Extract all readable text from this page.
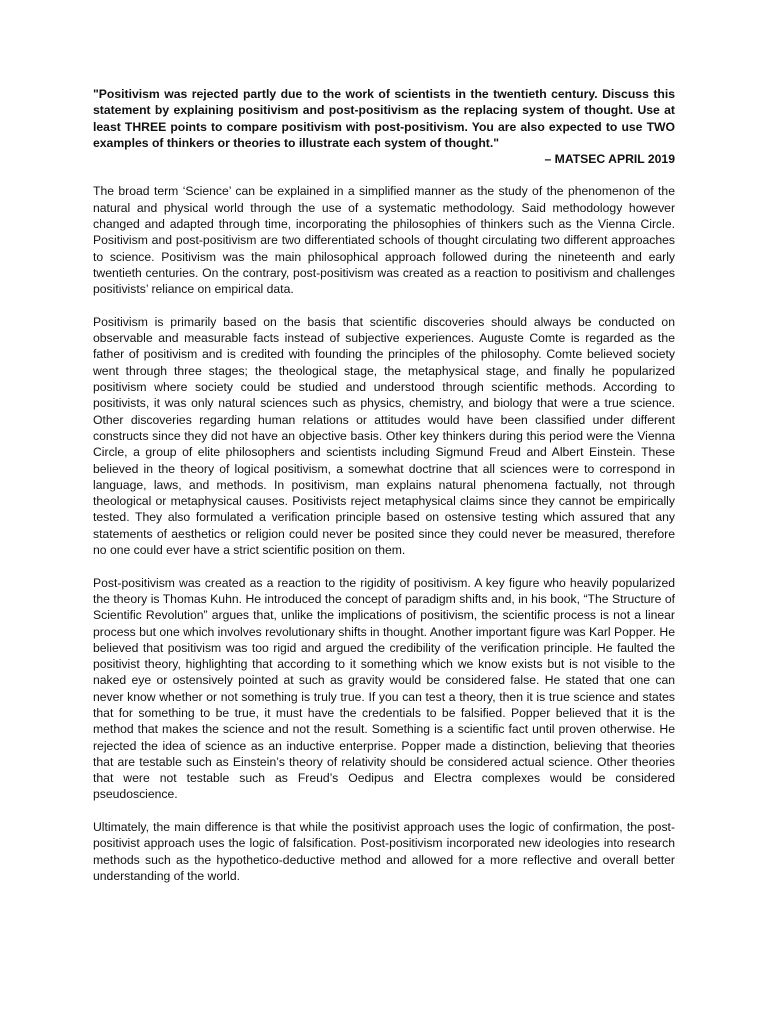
"Positivism was rejected partly due to the work of scientists in the twentieth century. Discuss this statement by explaining positivism and post-positivism as the replacing system of thought. Use at least THREE points to compare positivism with post-positivism. You are also expected to use TWO examples of thinkers or theories to illustrate each system of thought."

– MATSEC APRIL 2019

The broad term ‘Science’ can be explained in a simplified manner as the study of the phenomenon of the natural and physical world through the use of a systematic methodology. Said methodology however changed and adapted through time, incorporating the philosophies of thinkers such as the Vienna Circle. Positivism and post-positivism are two differentiated schools of thought circulating two different approaches to science. Positivism was the main philosophical approach followed during the nineteenth and early twentieth centuries. On the contrary, post-positivism was created as a reaction to positivism and challenges positivists’ reliance on empirical data.

Positivism is primarily based on the basis that scientific discoveries should always be conducted on observable and measurable facts instead of subjective experiences. Auguste Comte is regarded as the father of positivism and is credited with founding the principles of the philosophy. Comte believed society went through three stages; the theological stage, the metaphysical stage, and finally he popularized positivism where society could be studied and understood through scientific methods. According to positivists, it was only natural sciences such as physics, chemistry, and biology that were a true science. Other discoveries regarding human relations or attitudes would have been classified under different constructs since they did not have an objective basis. Other key thinkers during this period were the Vienna Circle, a group of elite philosophers and scientists including Sigmund Freud and Albert Einstein. These believed in the theory of logical positivism, a somewhat doctrine that all sciences were to correspond in language, laws, and methods. In positivism, man explains natural phenomena factually, not through theological or metaphysical causes. Positivists reject metaphysical claims since they cannot be empirically tested. They also formulated a verification principle based on ostensive testing which assured that any statements of aesthetics or religion could never be posited since they could never be measured, therefore no one could ever have a strict scientific position on them.

Post-positivism was created as a reaction to the rigidity of positivism. A key figure who heavily popularized the theory is Thomas Kuhn. He introduced the concept of paradigm shifts and, in his book, “The Structure of Scientific Revolution” argues that, unlike the implications of positivism, the scientific process is not a linear process but one which involves revolutionary shifts in thought. Another important figure was Karl Popper. He believed that positivism was too rigid and argued the credibility of the verification principle. He faulted the positivist theory, highlighting that according to it something which we know exists but is not visible to the naked eye or ostensively pointed at such as gravity would be considered false. He stated that one can never know whether or not something is truly true. If you can test a theory, then it is true science and states that for something to be true, it must have the credentials to be falsified. Popper believed that it is the method that makes the science and not the result. Something is a scientific fact until proven otherwise. He rejected the idea of science as an inductive enterprise. Popper made a distinction, believing that theories that are testable such as Einstein’s theory of relativity should be considered actual science. Other theories that were not testable such as Freud’s Oedipus and Electra complexes would be considered pseudoscience.

Ultimately, the main difference is that while the positivist approach uses the logic of confirmation, the post-positivist approach uses the logic of falsification. Post-positivism incorporated new ideologies into research methods such as the hypothetico-deductive method and allowed for a more reflective and overall better understanding of the world.
